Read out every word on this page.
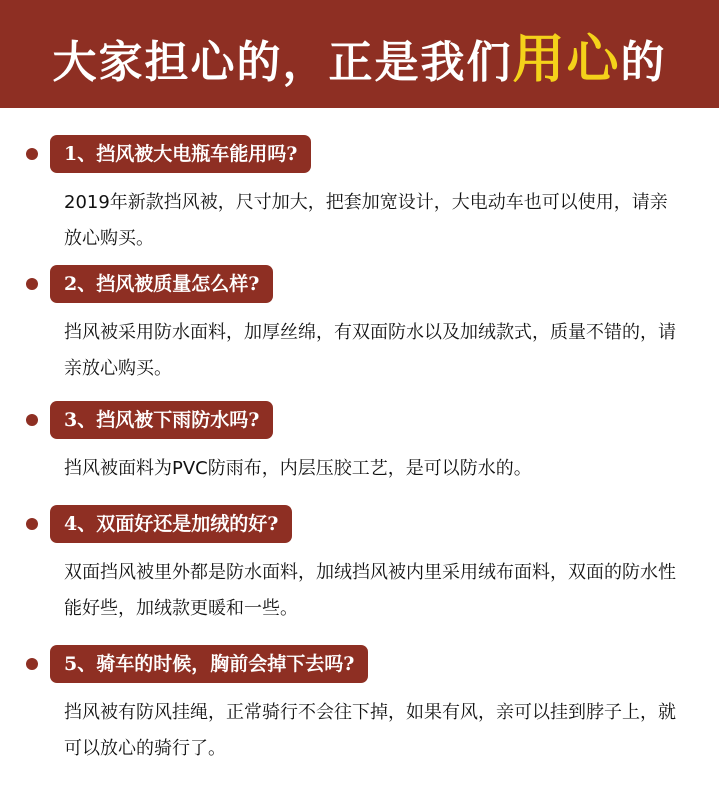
大家担心的，正是我们用心的
1、挡风被大电瓶车能用吗?
2019年新款挡风被，尺寸加大，把套加宽设计，大电动车也可以使用，请亲放心购买。
2、挡风被质量怎么样?
挡风被采用防水面料，加厚丝绵，有双面防水以及加绒款式，质量不错的，请亲放心购买。
3、挡风被下雨防水吗?
挡风被面料为PVC防雨布，内层压胶工艺，是可以防水的。
4、双面好还是加绒的好?
双面挡风被里外都是防水面料，加绒挡风被内里采用绒布面料，双面的防水性能好些，加绒款更暖和一些。
5、骑车的时候，胸前会掉下去吗?
挡风被有防风挂绳，正常骑行不会往下掉，如果有风，亲可以挂到脖子上，就可以放心的骑行了。
